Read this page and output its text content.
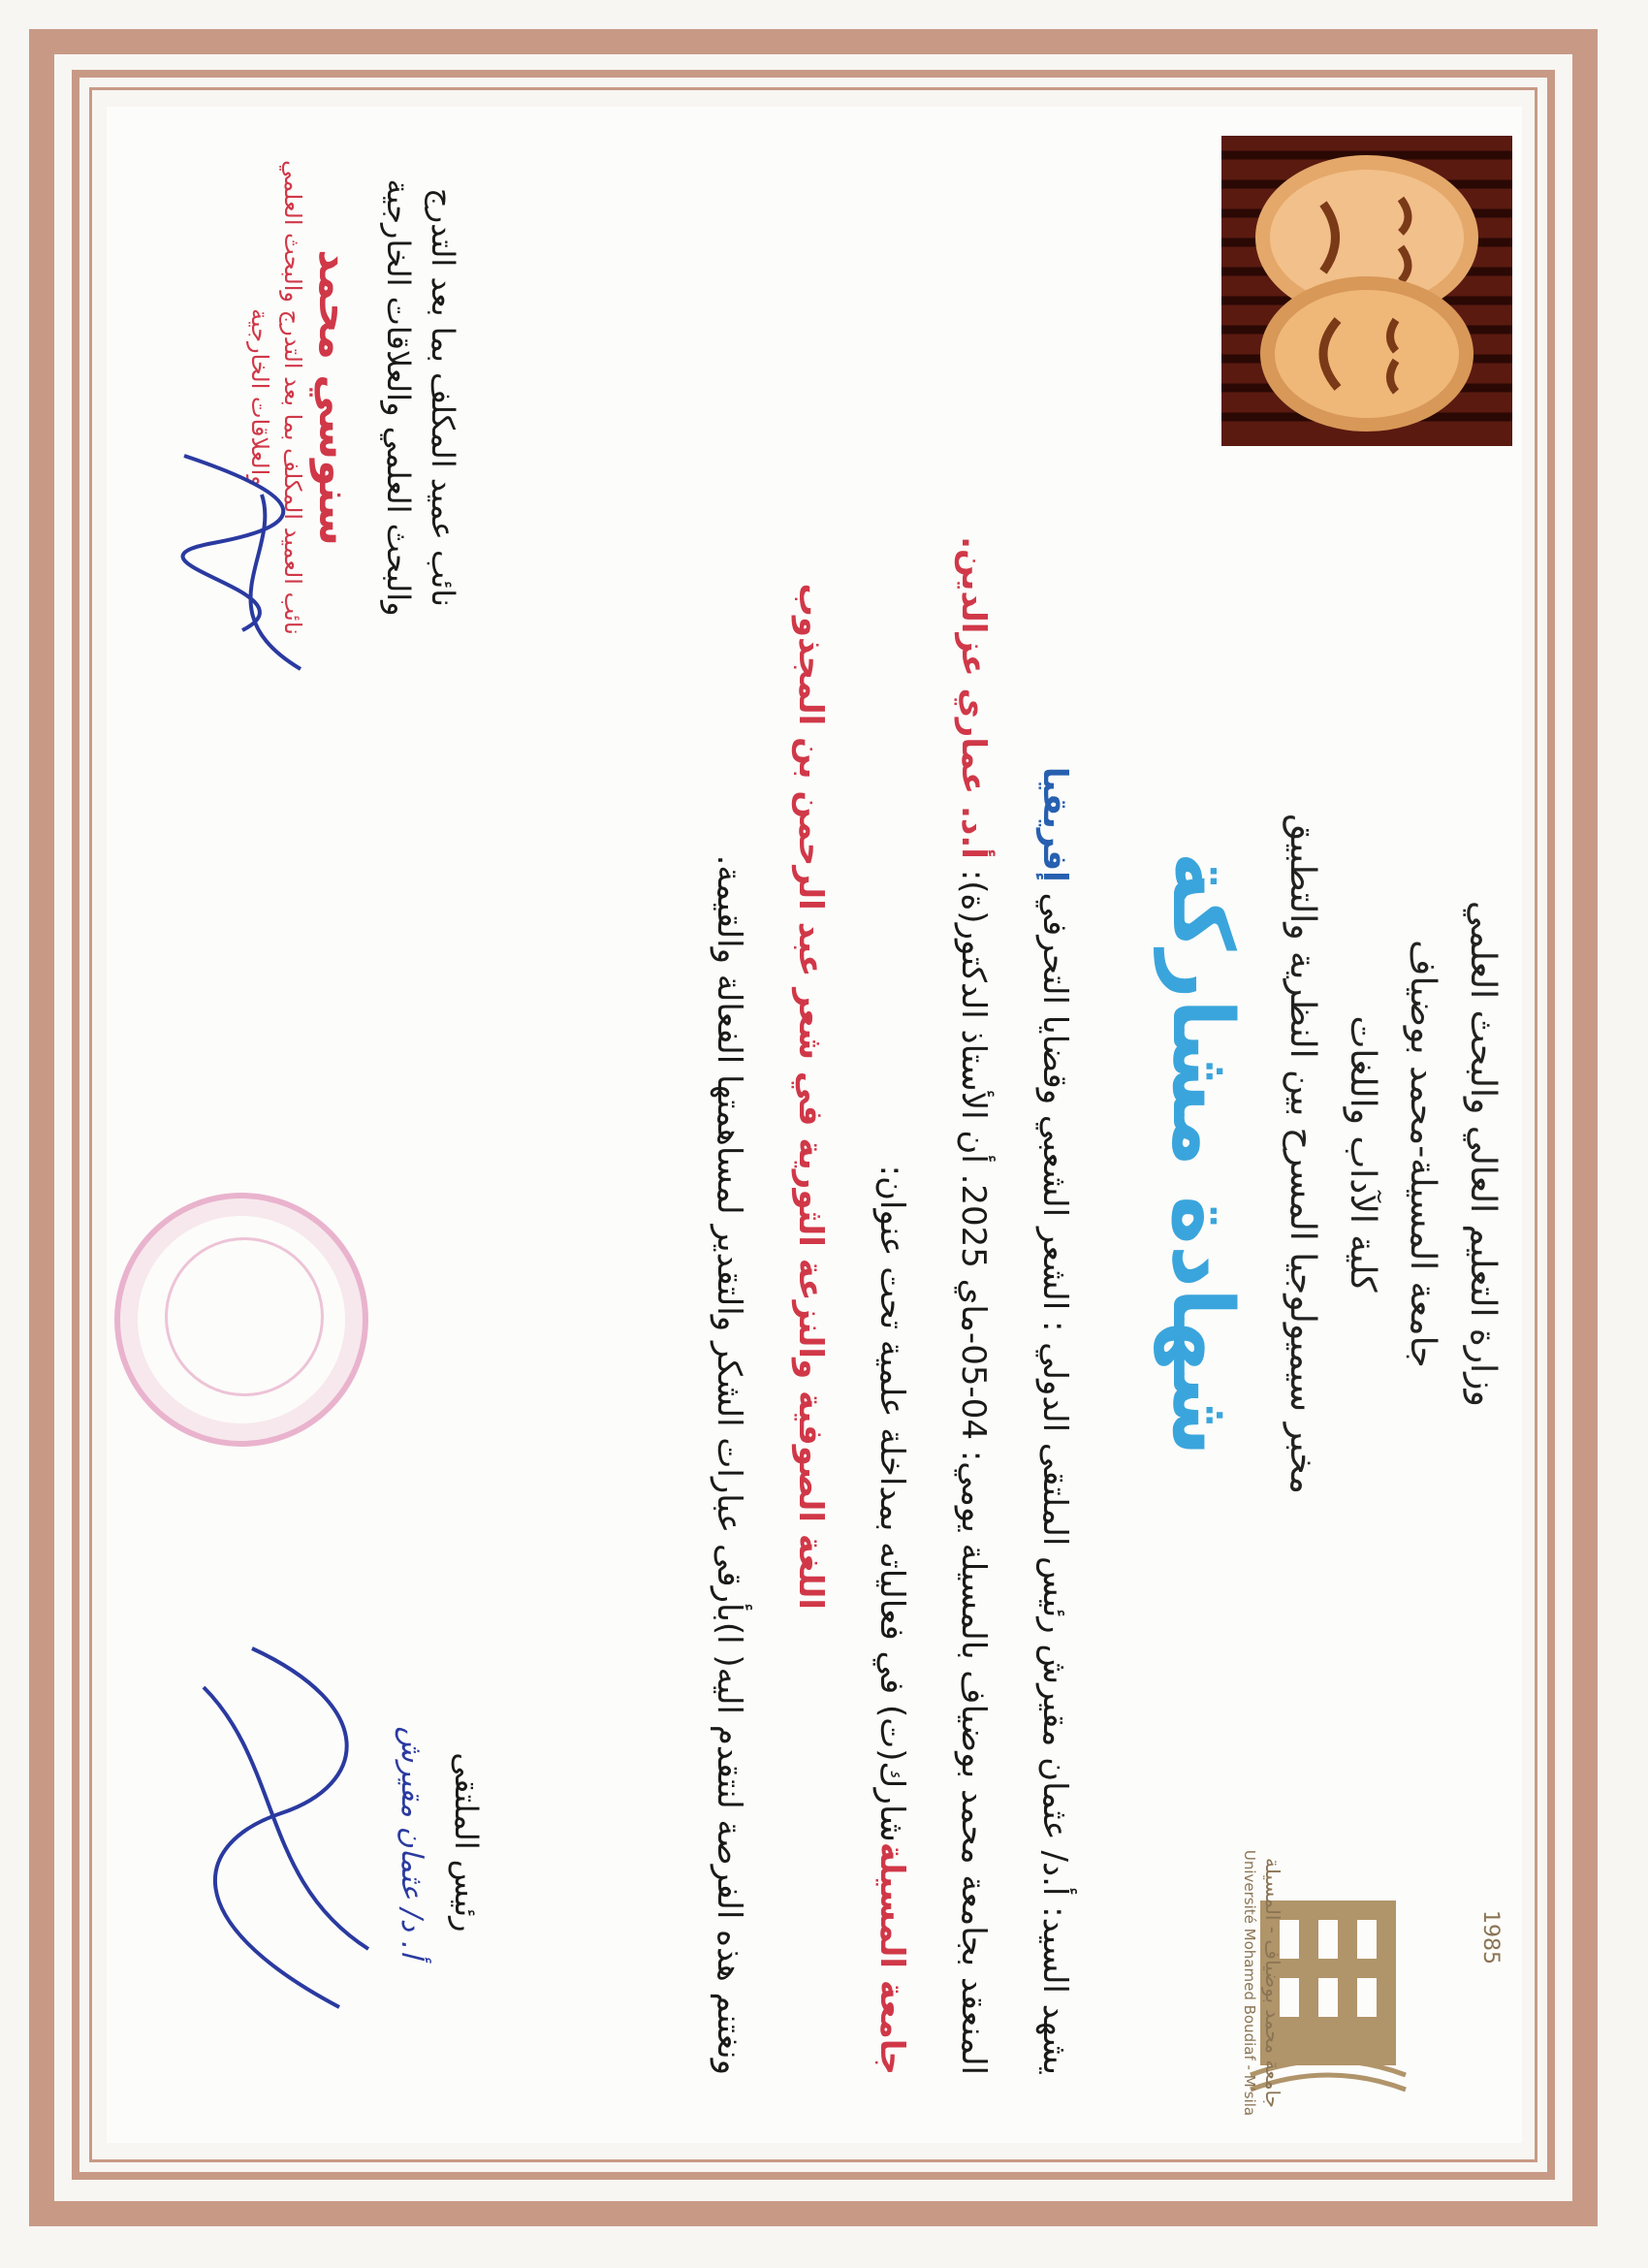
وزارة التعليم العالي والبحث العلمي
جامعة المسيلة-محمد بوضياف
كلية الآداب واللغات
مخبر سيميولوجيا المسرح بين النظرية والتطبيق
شهادة مشاركة
1985
جامعة محمد بوضياف - المسيلة
Université Mohamed Boudiaf - M'sila
يشهد السيد: أ.د/ عثمان مقيرش رئيس الملتقى الدولي : الشعر الشعبي وقضايا التحرفي إفريقيا
المنعقد بجامعة محمد بوضياف بالمسيلة يومي: 04-05-ماي 2025. أن الأستاذ الدكتور(ة): أ.د. عماري عزالدين.
جامعة المسيلةشارك(ت) في فعالياته بمداخلة علمية تحت عنوان:
اللغة الصوفية والنزعة الثورية في شعر عبد الرحمن بن المجذوب
ونغتنم هذه الفرصة لنتقدم اليه( ا)بأرقى عبارات الشكر والتقدير لمساهمتها الفعالة والقيمة.
رئيس الملتقى
أ. د/ عثمان مقيرش
نائب عميد المكلف بما بعد التدرج والبحث العلمي والعلاقات الخارجية
سنوسي محمد
نائب العميد المكلف بما بعد التدرج والبحث العلمي والعلاقات الخارجية
